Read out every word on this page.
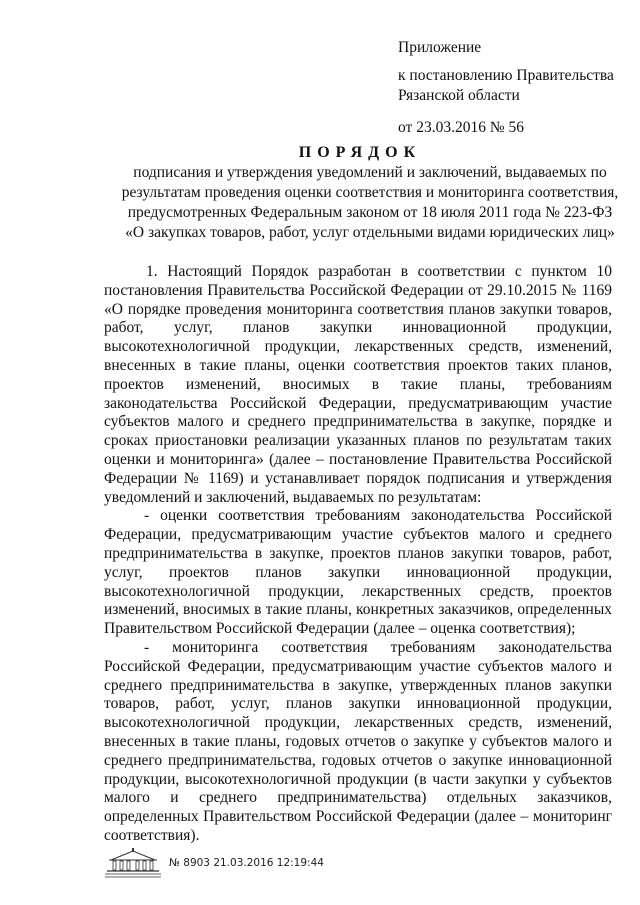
Приложение
к постановлению Правительства
Рязанской области
от 23.03.2016 № 56
ПОРЯДОК
подписания и утверждения уведомлений и заключений, выдаваемых по
результатам проведения оценки соответствия и мониторинга соответствия,
предусмотренных Федеральным законом от 18 июля 2011 года № 223-ФЗ
«О закупках товаров, работ, услуг отдельными видами юридических лиц»

1. Настоящий Порядок разработан в соответствии с пунктом 10 постановления Правительства Российской Федерации от 29.10.2015 № 1169 «О порядке проведения мониторинга соответствия планов закупки товаров, работ, услуг, планов закупки инновационной продукции, высокотехнологичной продукции, лекарственных средств, изменений, внесенных в такие планы, оценки соответствия проектов таких планов, проектов изменений, вносимых в такие планы, требованиям законодательства Российской Федерации, предусматривающим участие субъектов малого и среднего предпринимательства в закупке, порядке и сроках приостановки реализации указанных планов по результатам таких оценки и мониторинга» (далее – постановление Правительства Российской Федерации № 1169) и устанавливает порядок подписания и утверждения уведомлений и заключений, выдаваемых по результатам:

- оценки соответствия требованиям законодательства Российской Федерации, предусматривающим участие субъектов малого и среднего предпринимательства в закупке, проектов планов закупки товаров, работ, услуг, проектов планов закупки инновационной продукции, высокотехнологичной продукции, лекарственных средств, проектов изменений, вносимых в такие планы, конкретных заказчиков, определенных Правительством Российской Федерации (далее – оценка соответствия);

- мониторинга соответствия требованиям законодательства Российской Федерации, предусматривающим участие субъектов малого и среднего предпринимательства в закупке, утвержденных планов закупки товаров, работ, услуг, планов закупки инновационной продукции, высокотехнологичной продукции, лекарственных средств, изменений, внесенных в такие планы, годовых отчетов о закупке у субъектов малого и среднего предпринимательства, годовых отчетов о закупке инновационной продукции, высокотехнологичной продукции (в части закупки у субъектов малого и среднего предпринимательства) отдельных заказчиков, определенных Правительством Российской Федерации (далее – мониторинг соответствия).

№ 8903 21.03.2016 12:19:44
